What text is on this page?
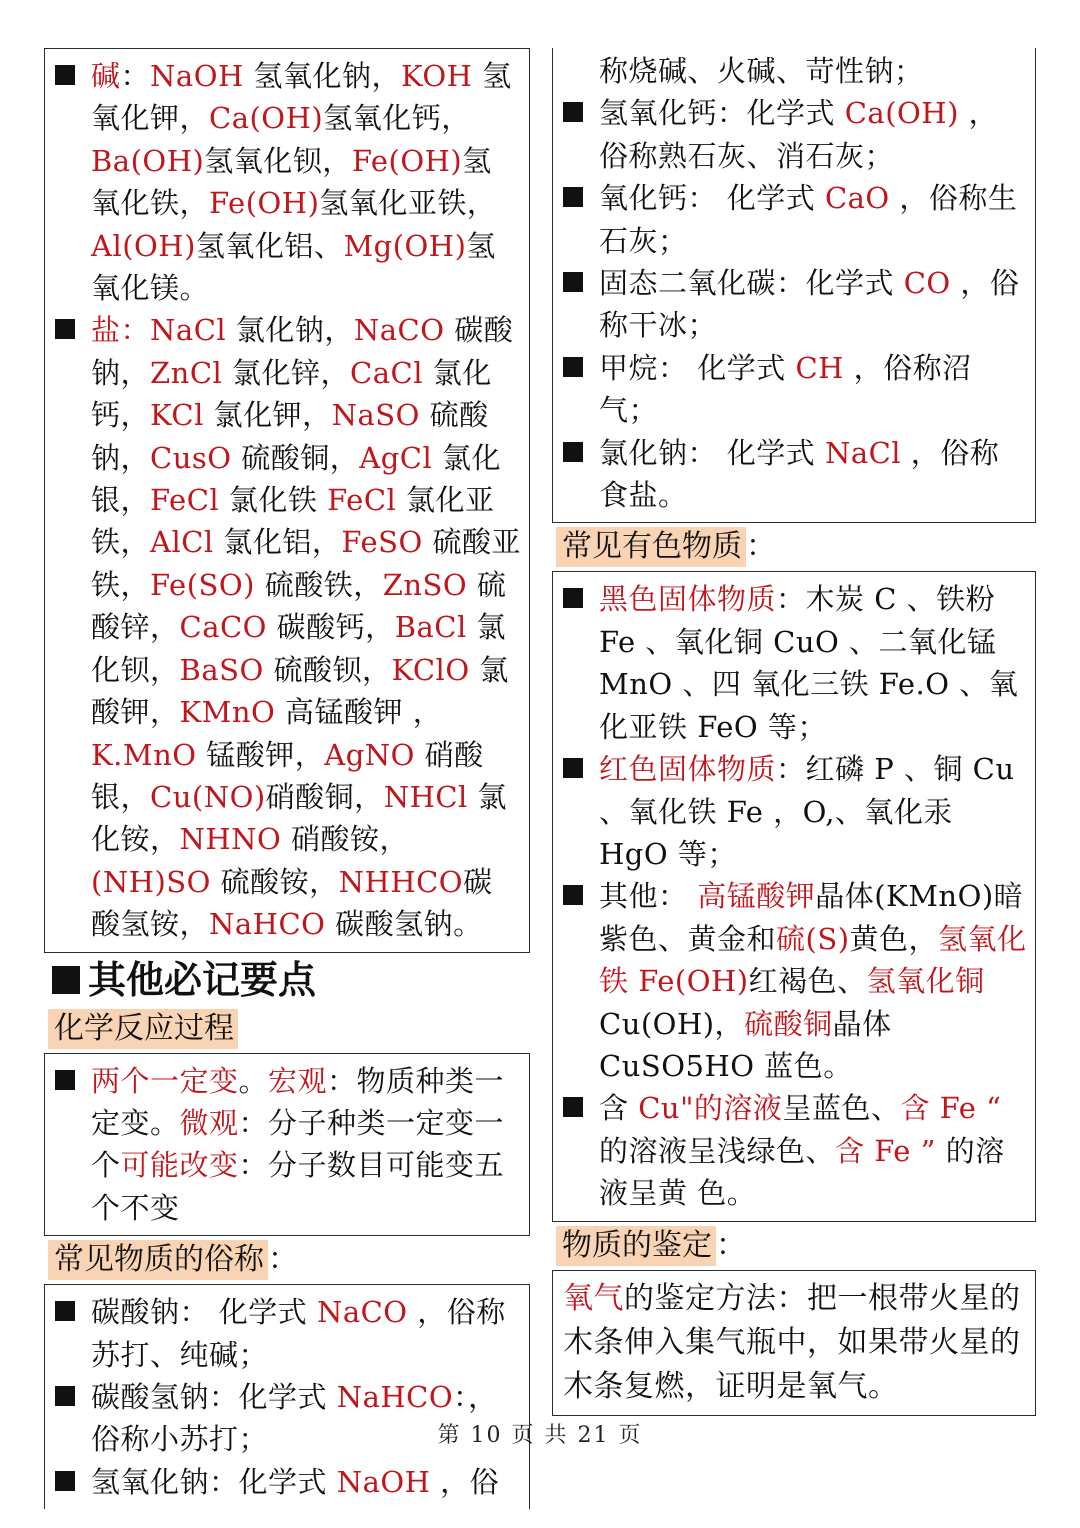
碱：NaOH 氢氧化钠，KOH 氢氧化钾，Ca(OH)氢氧化钙，Ba(OH)氢氧化钡，Fe(OH)氢氧化铁，Fe(OH)氢氧化亚铁，Al(OH)氢氧化铝、Mg(OH)氢氧化镁。
盐：NaCl 氯化钠，NaCO 碳酸钠，ZnCl 氯化锌，CaCl 氯化钙，KCl 氯化钾，NaSO 硫酸钠，CusO 硫酸铜，AgCl 氯化银，FeCl 氯化铁 FeCl 氯化亚铁，AlCl 氯化铝，FeSO 硫酸亚铁，Fe(SO) 硫酸铁，ZnSO 硫酸锌，CaCO 碳酸钙，BaCl 氯化钡，BaSO 硫酸钡，KClO 氯酸钾，KMnO 高锰酸钾 ，K.MnO 锰酸钾，AgNO 硝酸银，Cu(NO)硝酸铜，NHCl 氯化铵，NHNO 硝酸铵，(NH)SO 硫酸铵，NHHCO碳酸氢铵，NaHCO 碳酸氢钠。
其他必记要点
化学反应过程
两个一定变。宏观：物质种类一定变。微观：分子种类一定变一个可能改变：分子数目可能变五个不变
常见物质的俗称 ：
碳酸钠： 化学式 NaCO ，俗称苏打、纯碱；
碳酸氢钠：化学式 NaHCO：，俗称小苏打；
氢氧化钠：化学式 NaOH ，俗
称烧碱、火碱、苛性钠；
氢氧化钙：化学式 Ca(OH) ，俗称熟石灰、消石灰；
氧化钙： 化学式 CaO ，俗称生石灰；
固态二氧化碳：化学式 CO ，俗称干冰；
甲烷： 化学式 CH ，俗称沼气；
氯化钠： 化学式 NaCl ，俗称食盐。
常见有色物质 ：
黑色固体物质：木炭 C 、铁粉 Fe 、氧化铜 CuO 、二氧化锰 MnO 、四 氧化三铁 Fe.O 、氧化亚铁 FeO 等；
红色固体物质：红磷 P 、铜 Cu 、氧化铁 Fe ，O,、氧化汞 HgO 等；
其他： 高锰酸钾晶体(KMnO)暗紫色、黄金和硫(S)黄色，氢氧化铁 Fe(OH)红褐色、氢氧化铜 Cu(OH)，硫酸铜晶体 CuSO5HO 蓝色。
含 Cu"的溶液呈蓝色、含 Fe “ 的溶液呈浅绿色、含 Fe ” 的溶液呈黄 色。
物质的鉴定 ：

氧气的鉴定方法：把一根带火星的木条伸入集气瓶中，如果带火星的木条复燃，证明是氧气。

第 10 页 共 21 页
